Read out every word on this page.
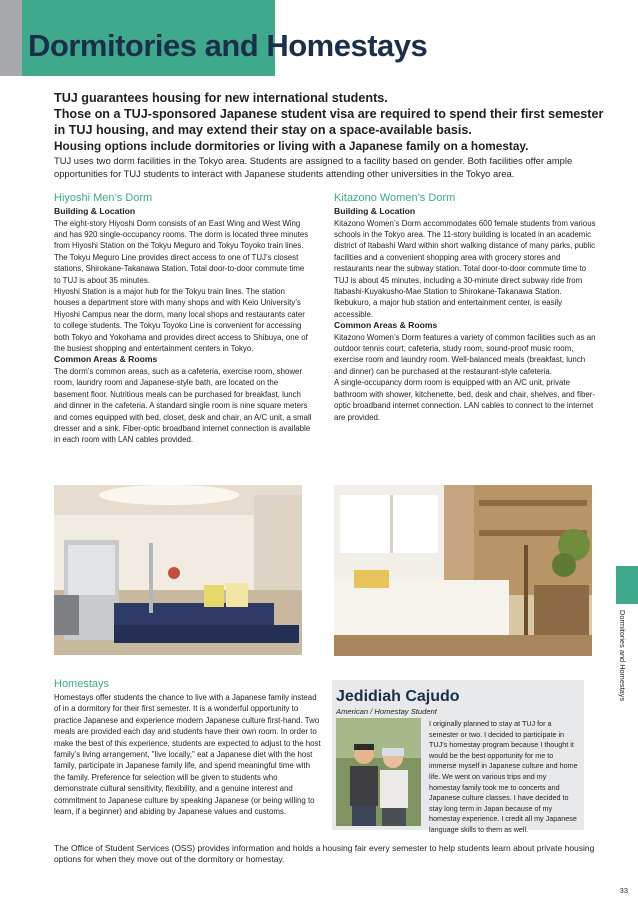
Dormitories and Homestays
TUJ guarantees housing for new international students.
Those on a TUJ-sponsored Japanese student visa are required to spend their first semester
in TUJ housing, and may extend their stay on a space-available basis.
Housing options include dormitories or living with a Japanese family on a homestay.

TUJ uses two dorm facilities in the Tokyo area. Students are assigned to a facility based on gender. Both facilities offer ample opportunities for TUJ students to interact with Japanese students attending other universities in the Tokyo area.

Hiyoshi Men’s Dorm
Building & Location

The eight-story Hiyoshi Dorm consists of an East Wing and West Wing and has 920 single-occupancy rooms. The dorm is located three minutes from Hiyoshi Station on the Tokyu Meguro and Tokyu Toyoko train lines. The Tokyu Meguro Line provides direct access to one of TUJ’s closest stations, Shirokane-Takanawa Station. Total door-to-door commute time to TUJ is about 35 minutes.

Hiyoshi Station is a major hub for the Tokyu train lines. The station houses a department store with many shops and with Keio University’s Hiyoshi Campus near the dorm, many local shops and restaurants cater to college students. The Tokyu Toyoko Line is convenient for accessing both Tokyo and Yokohama and provides direct access to Shibuya, one of the busiest shopping and entertainment centers in Tokyo.

Common Areas & Rooms

The dorm’s common areas, such as a cafeteria, exercise room, shower room, laundry room and Japanese-style bath, are located on the basement floor. Nutritious meals can be purchased for breakfast, lunch and dinner in the cafeteria. A standard single room is nine square meters and comes equipped with bed, closet, desk and chair, an A/C unit, a small dresser and a sink. Fiber-optic broadband internet connection is available in each room with LAN cables provided.

Kitazono Women’s Dorm
Building & Location

Kitazono Women’s Dorm accommodates 600 female students from various schools in the Tokyo area. The 11-story building is located in an academic district of Itabashi Ward within short walking distance of many parks, public facilities and a convenient shopping area with grocery stores and restaurants near the subway station. Total door-to-door commute time to TUJ is about 45 minutes, including a 30-minute direct subway ride from Itabashi-Kuyakusho-Mae Station to Shirokane-Takanawa Station. Ikebukuro, a major hub station and entertainment center, is easily accessible.

Common Areas & Rooms

Kitazono Women’s Dorm features a variety of common facilities such as an outdoor tennis court, cafeteria, study room, sound-proof music room, exercise room and laundry room. Well-balanced meals (breakfast, lunch and dinner) can be purchased at the restaurant-style cafeteria.

A single-occupancy dorm room is equipped with an A/C unit, private bathroom with shower, kitchenette, bed, desk and chair, shelves, and fiber-optic broadband internet connection. LAN cables to connect to the internet are provided.

Homestays

Homestays offer students the chance to live with a Japanese family instead of in a dormitory for their first semester. It is a wonderful opportunity to practice Japanese and experience modern Japanese culture first-hand. Two meals are provided each day and students have their own room. In order to make the best of this experience, students are expected to adjust to the host family’s living arrangement, "live locally," eat a Japanese diet with the host family, participate in Japanese family life, and spend meaningful time with the family. Preference for selection will be given to students who demonstrate cultural sensitivity, flexibility, and a genuine interest and commitment to Japanese culture by speaking Japanese (or being willing to learn, if a beginner) and abiding by Japanese values and customs.

Jedidiah Cajudo

American / Homestay Student

I originally planned to stay at TUJ for a semester or two. I decided to participate in TUJ’s homestay program because I thought it would be the best opportunity for me to immerse myself in Japanese culture and home life. We went on various trips and my homestay family took me to concerts and Japanese culture classes. I have decided to stay long term in Japan because of my homestay experience. I credit all my Japanese language skills to them as well.

The Office of Student Services (OSS) provides information and holds a housing fair every semester to help students learn about private housing options for when they move out of the dormitory or homestay.

Dormitories and Homestays

33
